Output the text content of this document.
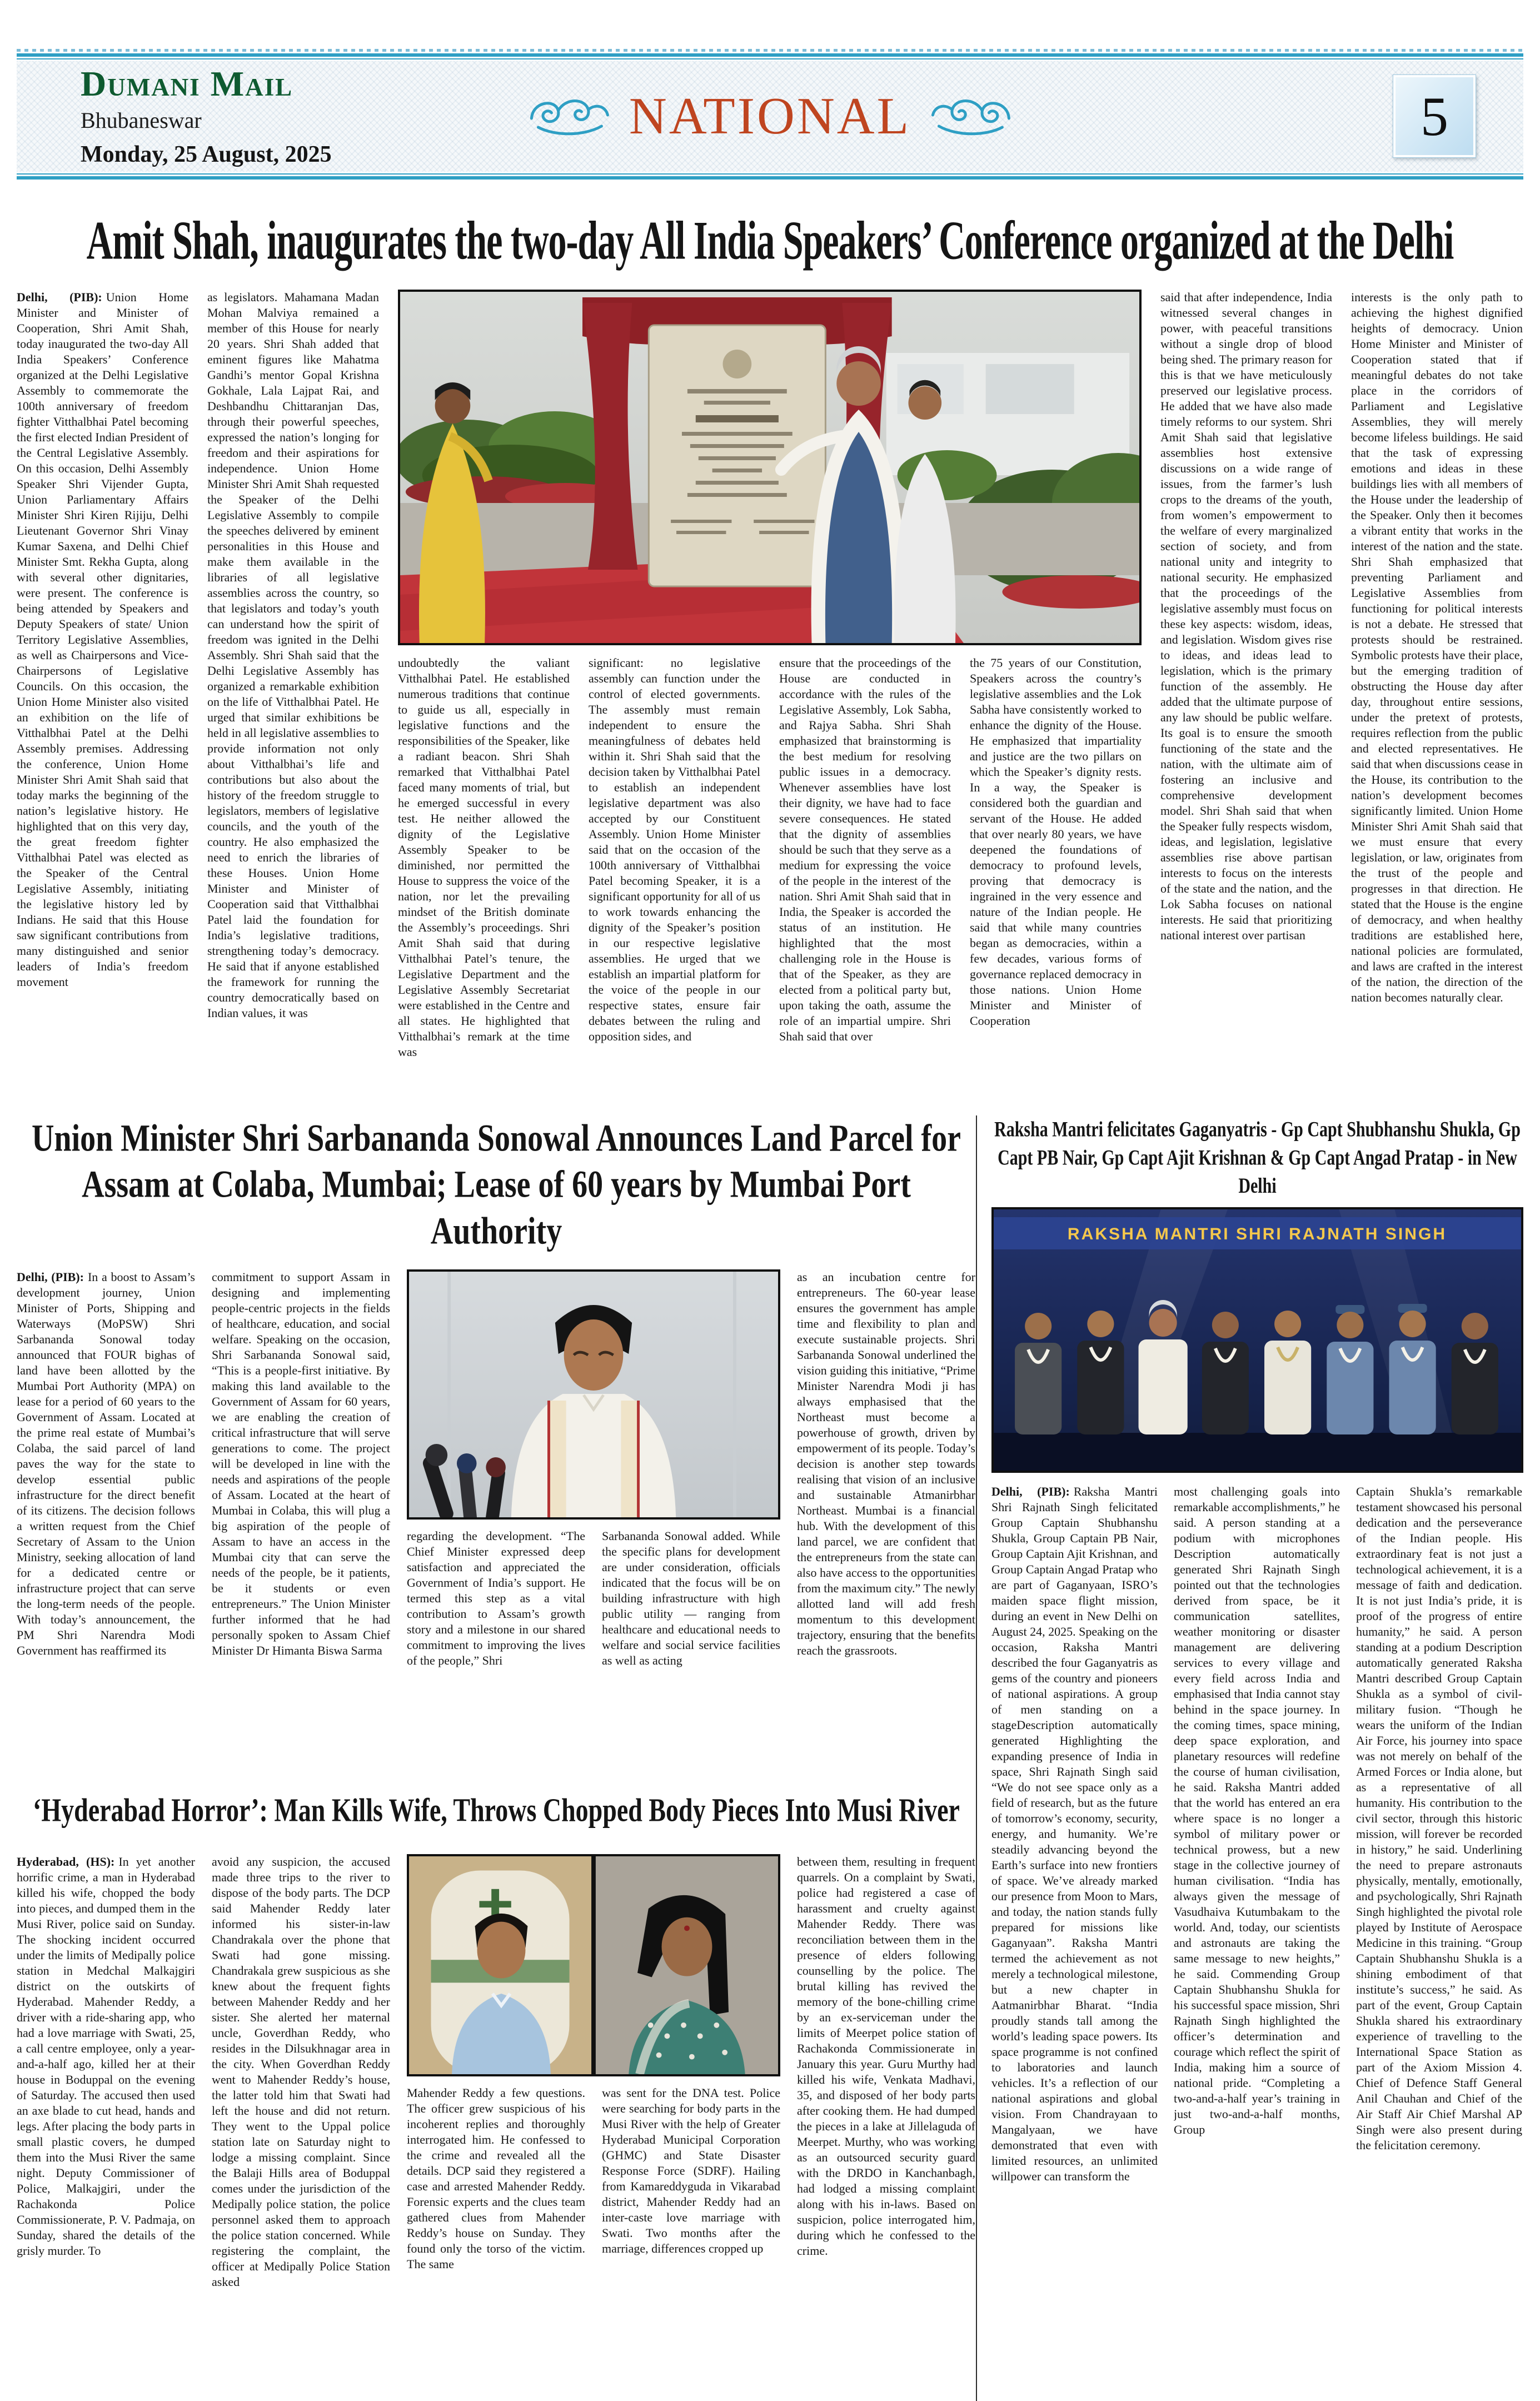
Dumani Mail
Bhubaneswar
Monday, 25 August, 2025
NATIONAL	5
Amit Shah, inaugurates the two-day All India Speakers’ Conference organized at the Delhi
Delhi, (PIB): Union Home Minister and Minister of Cooperation, Shri Amit Shah, today inaugurated the two-day All India Speakers’ Conference organized at the Delhi Legislative Assembly to commemorate the 100th anniversary of freedom fighter Vitthalbhai Patel becoming the first elected Indian President of the Central Legislative Assembly. On this occasion, Delhi Assembly Speaker Shri Vijender Gupta, Union Parliamentary Affairs Minister Shri Kiren Rijiju, Delhi Lieutenant Governor Shri Vinay Kumar Saxena, and Delhi Chief Minister Smt. Rekha Gupta, along with several other dignitaries, were present. The conference is being attended by Speakers and Deputy Speakers of state/ Union Territory Legislative Assemblies, as well as Chairpersons and Vice-Chairpersons of Legislative Councils. On this occasion, the Union Home Minister also visited an exhibition on the life of Vitthalbhai Patel at the Delhi Assembly premises. Addressing the conference, Union Home Minister Shri Amit Shah said that today marks the beginning of the nation’s legislative history. He highlighted that on this very day, the great freedom fighter Vitthalbhai Patel was elected as the Speaker of the Central Legislative Assembly, initiating the legislative history led by Indians. He said that this House saw significant contributions from many distinguished and senior leaders of India’s freedom movement
as legislators. Mahamana Madan Mohan Malviya remained a member of this House for nearly 20 years. Shri Shah added that eminent figures like Mahatma Gandhi’s mentor Gopal Krishna Gokhale, Lala Lajpat Rai, and Deshbandhu Chittaranjan Das, through their powerful speeches, expressed the nation’s longing for freedom and their aspirations for independence. Union Home Minister Shri Amit Shah requested the Speaker of the Delhi Legislative Assembly to compile the speeches delivered by eminent personalities in this House and make them available in the libraries of all legislative assemblies across the country, so that legislators and today’s youth can understand how the spirit of freedom was ignited in the Delhi Assembly. Shri Shah said that the Delhi Legislative Assembly has organized a remarkable exhibition on the life of Vitthalbhai Patel. He urged that similar exhibitions be held in all legislative assemblies to provide information not only about Vitthalbhai’s life and contributions but also about the history of the freedom struggle to legislators, members of legislative councils, and the youth of the country. He also emphasized the need to enrich the libraries of these Houses. Union Home Minister and Minister of Cooperation said that Vitthalbhai Patel laid the foundation for India’s legislative traditions, strengthening today’s democracy. He said that if anyone established the framework for running the country democratically based on Indian values, it was
undoubtedly the valiant Vitthalbhai Patel. He established numerous traditions that continue to guide us all, especially in legislative functions and the responsibilities of the Speaker, like a radiant beacon. Shri Shah remarked that Vitthalbhai Patel faced many moments of trial, but he emerged successful in every test. He neither allowed the dignity of the Legislative Assembly Speaker to be diminished, nor permitted the House to suppress the voice of the nation, nor let the prevailing mindset of the British dominate the Assembly’s proceedings. Shri Amit Shah said that during Vitthalbhai Patel’s tenure, the Legislative Department and the Legislative Assembly Secretariat were established in the Centre and all states. He highlighted that Vitthalbhai’s remark at the time was
significant: no legislative assembly can function under the control of elected governments. The assembly must remain independent to ensure the meaningfulness of debates held within it. Shri Shah said that the decision taken by Vitthalbhai Patel to establish an independent legislative department was also accepted by our Constituent Assembly. Union Home Minister said that on the occasion of the 100th anniversary of Vitthalbhai Patel becoming Speaker, it is a significant opportunity for all of us to work towards enhancing the dignity of the Speaker’s position in our respective legislative assemblies. He urged that we establish an impartial platform for the voice of the people in our respective states, ensure fair debates between the ruling and opposition sides, and
ensure that the proceedings of the House are conducted in accordance with the rules of the Legislative Assembly, Lok Sabha, and Rajya Sabha. Shri Shah emphasized that brainstorming is the best medium for resolving public issues in a democracy. Whenever assemblies have lost their dignity, we have had to face severe consequences. He stated that the dignity of assemblies should be such that they serve as a medium for expressing the voice of the people in the interest of the nation. Shri Amit Shah said that in India, the Speaker is accorded the status of an institution. He highlighted that the most challenging role in the House is that of the Speaker, as they are elected from a political party but, upon taking the oath, assume the role of an impartial umpire. Shri Shah said that over
the 75 years of our Constitution, Speakers across the country’s legislative assemblies and the Lok Sabha have consistently worked to enhance the dignity of the House. He emphasized that impartiality and justice are the two pillars on which the Speaker’s dignity rests. In a way, the Speaker is considered both the guardian and servant of the House. He added that over nearly 80 years, we have deepened the foundations of democracy to profound levels, proving that democracy is ingrained in the very essence and nature of the Indian people. He said that while many countries began as democracies, within a few decades, various forms of governance replaced democracy in those nations. Union Home Minister and Minister of Cooperation
said that after independence, India witnessed several changes in power, with peaceful transitions without a single drop of blood being shed. The primary reason for this is that we have meticulously preserved our legislative process. He added that we have also made timely reforms to our system. Shri Amit Shah said that legislative assemblies host extensive discussions on a wide range of issues, from the farmer’s lush crops to the dreams of the youth, from women’s empowerment to the welfare of every marginalized section of society, and from national unity and integrity to national security. He emphasized that the proceedings of the legislative assembly must focus on these key aspects: wisdom, ideas, and legislation. Wisdom gives rise to ideas, and ideas lead to legislation, which is the primary function of the assembly. He added that the ultimate purpose of any law should be public welfare. Its goal is to ensure the smooth functioning of the state and the nation, with the ultimate aim of fostering an inclusive and comprehensive development model. Shri Shah said that when the Speaker fully respects wisdom, ideas, and legislation, legislative assemblies rise above partisan interests to focus on the interests of the state and the nation, and the Lok Sabha focuses on national interests. He said that prioritizing national interest over partisan
interests is the only path to achieving the highest dignified heights of democracy. Union Home Minister and Minister of Cooperation stated that if meaningful debates do not take place in the corridors of Parliament and Legislative Assemblies, they will merely become lifeless buildings. He said that the task of expressing emotions and ideas in these buildings lies with all members of the House under the leadership of the Speaker. Only then it becomes a vibrant entity that works in the interest of the nation and the state. Shri Shah emphasized that preventing Parliament and Legislative Assemblies from functioning for political interests is not a debate. He stressed that protests should be restrained. Symbolic protests have their place, but the emerging tradition of obstructing the House day after day, throughout entire sessions, under the pretext of protests, requires reflection from the public and elected representatives. He said that when discussions cease in the House, its contribution to the nation’s development becomes significantly limited. Union Home Minister Shri Amit Shah said that we must ensure that every legislation, or law, originates from the trust of the people and progresses in that direction. He stated that the House is the engine of democracy, and when healthy traditions are established here, national policies are formulated, and laws are crafted in the interest of the nation, the direction of the nation becomes naturally clear.
Union Minister Shri Sarbananda Sonowal Announces Land Parcel for Assam at Colaba, Mumbai; Lease of 60 years by Mumbai Port Authority
Delhi, (PIB): In a boost to Assam’s development journey, Union Minister of Ports, Shipping and Waterways (MoPSW) Shri Sarbananda Sonowal today announced that FOUR bighas of land have been allotted by the Mumbai Port Authority (MPA) on lease for a period of 60 years to the Government of Assam. Located at the prime real estate of Mumbai’s Colaba, the said parcel of land paves the way for the state to develop essential public infrastructure for the direct benefit of its citizens. The decision follows a written request from the Chief Secretary of Assam to the Union Ministry, seeking allocation of land for a dedicated centre or infrastructure project that can serve the long-term needs of the people. With today’s announcement, the PM Shri Narendra Modi Government has reaffirmed its
commitment to support Assam in designing and implementing people-centric projects in the fields of healthcare, education, and social welfare. Speaking on the occasion, Shri Sarbananda Sonowal said, “This is a people-first initiative. By making this land available to the Government of Assam for 60 years, we are enabling the creation of critical infrastructure that will serve generations to come. The project will be developed in line with the needs and aspirations of the people of Assam. Located at the heart of Mumbai in Colaba, this will plug a big aspiration of the people of Assam to have an access in the Mumbai city that can serve the needs of the people, be it patients, be it students or even entrepreneurs.” The Union Minister further informed that he had personally spoken to Assam Chief Minister Dr Himanta Biswa Sarma
regarding the development. “The Chief Minister expressed deep satisfaction and appreciated the Government of India’s support. He termed this step as a vital contribution to Assam’s growth story and a milestone in our shared commitment to improving the lives of the people,” Shri
Sarbananda Sonowal added. While the specific plans for development are under consideration, officials indicated that the focus will be on building infrastructure with high public utility — ranging from healthcare and educational needs to welfare and social service facilities as well as acting
as an incubation centre for entrepreneurs. The 60-year lease ensures the government has ample time and flexibility to plan and execute sustainable projects. Shri Sarbananda Sonowal underlined the vision guiding this initiative, “Prime Minister Narendra Modi ji has always emphasised that the Northeast must become a powerhouse of growth, driven by empowerment of its people. Today’s decision is another step towards realising that vision of an inclusive and sustainable Atmanirbhar Northeast. Mumbai is a financial hub. With the development of this land parcel, we are confident that the entrepreneurs from the state can also have access to the opportunities from the maximum city.” The newly allotted land will add fresh momentum to this development trajectory, ensuring that the benefits reach the grassroots.
‘Hyderabad Horror’: Man Kills Wife, Throws Chopped Body Pieces Into Musi River
Hyderabad, (HS): In yet another horrific crime, a man in Hyderabad killed his wife, chopped the body into pieces, and dumped them in the Musi River, police said on Sunday. The shocking incident occurred under the limits of Medipally police station in Medchal Malkajgiri district on the outskirts of Hyderabad. Mahender Reddy, a driver with a ride-sharing app, who had a love marriage with Swati, 25, a call centre employee, only a year-and-a-half ago, killed her at their house in Boduppal on the evening of Saturday. The accused then used an axe blade to cut head, hands and legs. After placing the body parts in small plastic covers, he dumped them into the Musi River the same night. Deputy Commissioner of Police, Malkajgiri, under the Rachakonda Police Commissionerate, P. V. Padmaja, on Sunday, shared the details of the grisly murder. To
avoid any suspicion, the accused made three trips to the river to dispose of the body parts. The DCP said Mahender Reddy later informed his sister-in-law Chandrakala over the phone that Swati had gone missing. Chandrakala grew suspicious as she knew about the frequent fights between Mahender Reddy and her sister. She alerted her maternal uncle, Goverdhan Reddy, who resides in the Dilsukhnagar area in the city. When Goverdhan Reddy went to Mahender Reddy’s house, the latter told him that Swati had left the house and did not return. They went to the Uppal police station late on Saturday night to lodge a missing complaint. Since the Balaji Hills area of Boduppal comes under the jurisdiction of the Medipally police station, the police personnel asked them to approach the police station concerned. While registering the complaint, the officer at Medipally Police Station asked
Mahender Reddy a few questions. The officer grew suspicious of his incoherent replies and thoroughly interrogated him. He confessed to the crime and revealed all the details. DCP said they registered a case and arrested Mahender Reddy. Forensic experts and the clues team gathered clues from Mahender Reddy’s house on Sunday. They found only the torso of the victim. The same
was sent for the DNA test. Police were searching for body parts in the Musi River with the help of Greater Hyderabad Municipal Corporation (GHMC) and State Disaster Response Force (SDRF). Hailing from Kamareddyguda in Vikarabad district, Mahender Reddy had an inter-caste love marriage with Swati. Two months after the marriage, differences cropped up
between them, resulting in frequent quarrels. On a complaint by Swati, police had registered a case of harassment and cruelty against Mahender Reddy. There was reconciliation between them in the presence of elders following counselling by the police. The brutal killing has revived the memory of the bone-chilling crime by an ex-serviceman under the limits of Meerpet police station of Rachakonda Commissionerate in January this year. Guru Murthy had killed his wife, Venkata Madhavi, 35, and disposed of her body parts after cooking them. He had dumped the pieces in a lake at Jillelaguda of Meerpet. Murthy, who was working as an outsourced security guard with the DRDO in Kanchanbagh, had lodged a missing complaint along with his in-laws. Based on suspicion, police interrogated him, during which he confessed to the crime.
Raksha Mantri felicitates Gaganyatris - Gp Capt Shubhanshu Shukla, Gp Capt PB Nair, Gp Capt Ajit Krishnan & Gp Capt Angad Pratap - in New Delhi
RAKSHA MANTRI SHRI RAJNATH SINGH
Delhi, (PIB): Raksha Mantri Shri Rajnath Singh felicitated Group Captain Shubhanshu Shukla, Group Captain PB Nair, Group Captain Ajit Krishnan, and Group Captain Angad Pratap who are part of Gaganyaan, ISRO’s maiden space flight mission, during an event in New Delhi on August 24, 2025. Speaking on the occasion, Raksha Mantri described the four Gaganyatris as gems of the country and pioneers of national aspirations. A group of men standing on a stageDescription automatically generated Highlighting the expanding presence of India in space, Shri Rajnath Singh said “We do not see space only as a field of research, but as the future of tomorrow’s economy, security, energy, and humanity. We’re steadily advancing beyond the Earth’s surface into new frontiers of space. We’ve already marked our presence from Moon to Mars, and today, the nation stands fully prepared for missions like Gaganyaan”. Raksha Mantri termed the achievement as not merely a technological milestone, but a new chapter in Aatmanirbhar Bharat. “India proudly stands tall among the world’s leading space powers. Its space programme is not confined to laboratories and launch vehicles. It’s a reflection of our national aspirations and global vision. From Chandrayaan to Mangalyaan, we have demonstrated that even with limited resources, an unlimited willpower can transform the
most challenging goals into remarkable accomplishments,” he said. A person standing at a podium with microphones Description automatically generated Shri Rajnath Singh pointed out that the technologies derived from space, be it communication satellites, weather monitoring or disaster management are delivering services to every village and every field across India and emphasised that India cannot stay behind in the space journey. In the coming times, space mining, deep space exploration, and planetary resources will redefine the course of human civilisation, he said. Raksha Mantri added that the world has entered an era where space is no longer a symbol of military power or technical prowess, but a new stage in the collective journey of human civilisation. “India has always given the message of Vasudhaiva Kutumbakam to the world. And, today, our scientists and astronauts are taking the same message to new heights,” he said. Commending Group Captain Shubhanshu Shukla for his successful space mission, Shri Rajnath Singh highlighted the officer’s determination and courage which reflect the spirit of India, making him a source of national pride. “Completing a two-and-a-half year’s training in just two-and-a-half months, Group
Captain Shukla’s remarkable testament showcased his personal dedication and the perseverance of the Indian people. His extraordinary feat is not just a technological achievement, it is a message of faith and dedication. It is not just India’s pride, it is proof of the progress of entire humanity,” he said. A person standing at a podium Description automatically generated Raksha Mantri described Group Captain Shukla as a symbol of civil-military fusion. “Though he wears the uniform of the Indian Air Force, his journey into space was not merely on behalf of the Armed Forces or India alone, but as a representative of all humanity. His contribution to the civil sector, through this historic mission, will forever be recorded in history,” he said. Underlining the need to prepare astronauts physically, mentally, emotionally, and psychologically, Shri Rajnath Singh highlighted the pivotal role played by Institute of Aerospace Medicine in this training. “Group Captain Shubhanshu Shukla is a shining embodiment of that institute’s success,” he said. As part of the event, Group Captain Shukla shared his extraordinary experience of travelling to the International Space Station as part of the Axiom Mission 4. Chief of Defence Staff General Anil Chauhan and Chief of the Air Staff Air Chief Marshal AP Singh were also present during the felicitation ceremony.
